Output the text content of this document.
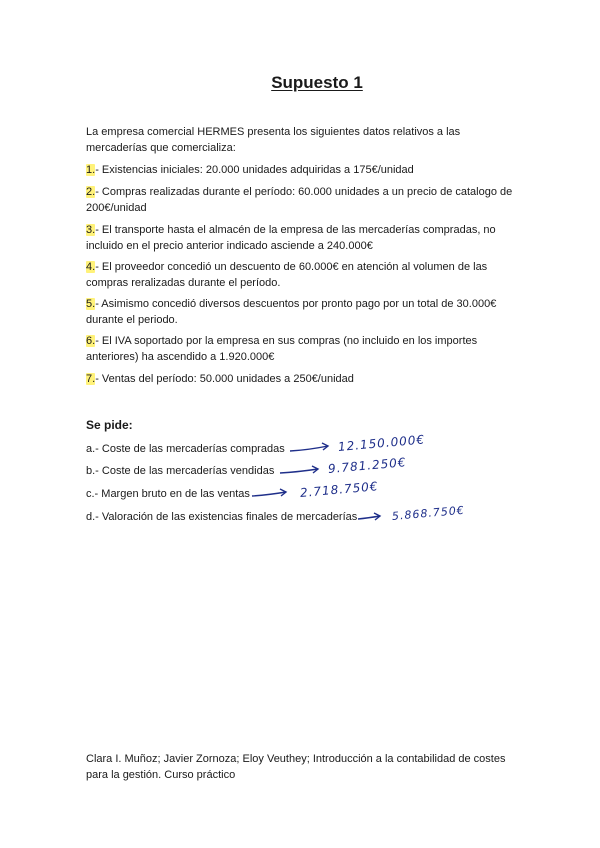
Supuesto 1

La empresa comercial HERMES presenta los siguientes datos relativos a las mercaderías que comercializa:

1.- Existencias iniciales: 20.000 unidades adquiridas a 175€/unidad

2.- Compras realizadas durante el período: 60.000 unidades a un precio de catalogo de 200€/unidad

3.- El transporte hasta el almacén de la empresa de las mercaderías compradas, no incluido en el precio anterior indicado asciende a 240.000€

4.- El proveedor concedió un descuento de 60.000€ en atención al volumen de las compras reralizadas durante el período.

5.- Asimismo concedió diversos descuentos por pronto pago por un total de 30.000€ durante el periodo.

6.- El IVA soportado por la empresa en sus compras (no incluido en los importes anteriores) ha ascendido a 1.920.000€

7.- Ventas del período: 50.000 unidades a 250€/unidad

Se pide:
a.- Coste de las mercaderías compradas	12.150.000€
b.- Coste de las mercaderías vendidas	9.781.250€
c.- Margen bruto en de las ventas	2.718.750€
d.- Valoración de las existencias finales de mercaderías	5.868.750€

Clara I. Muñoz; Javier Zornoza; Eloy Veuthey; Introducción a la contabilidad de costes para la gestión. Curso práctico
